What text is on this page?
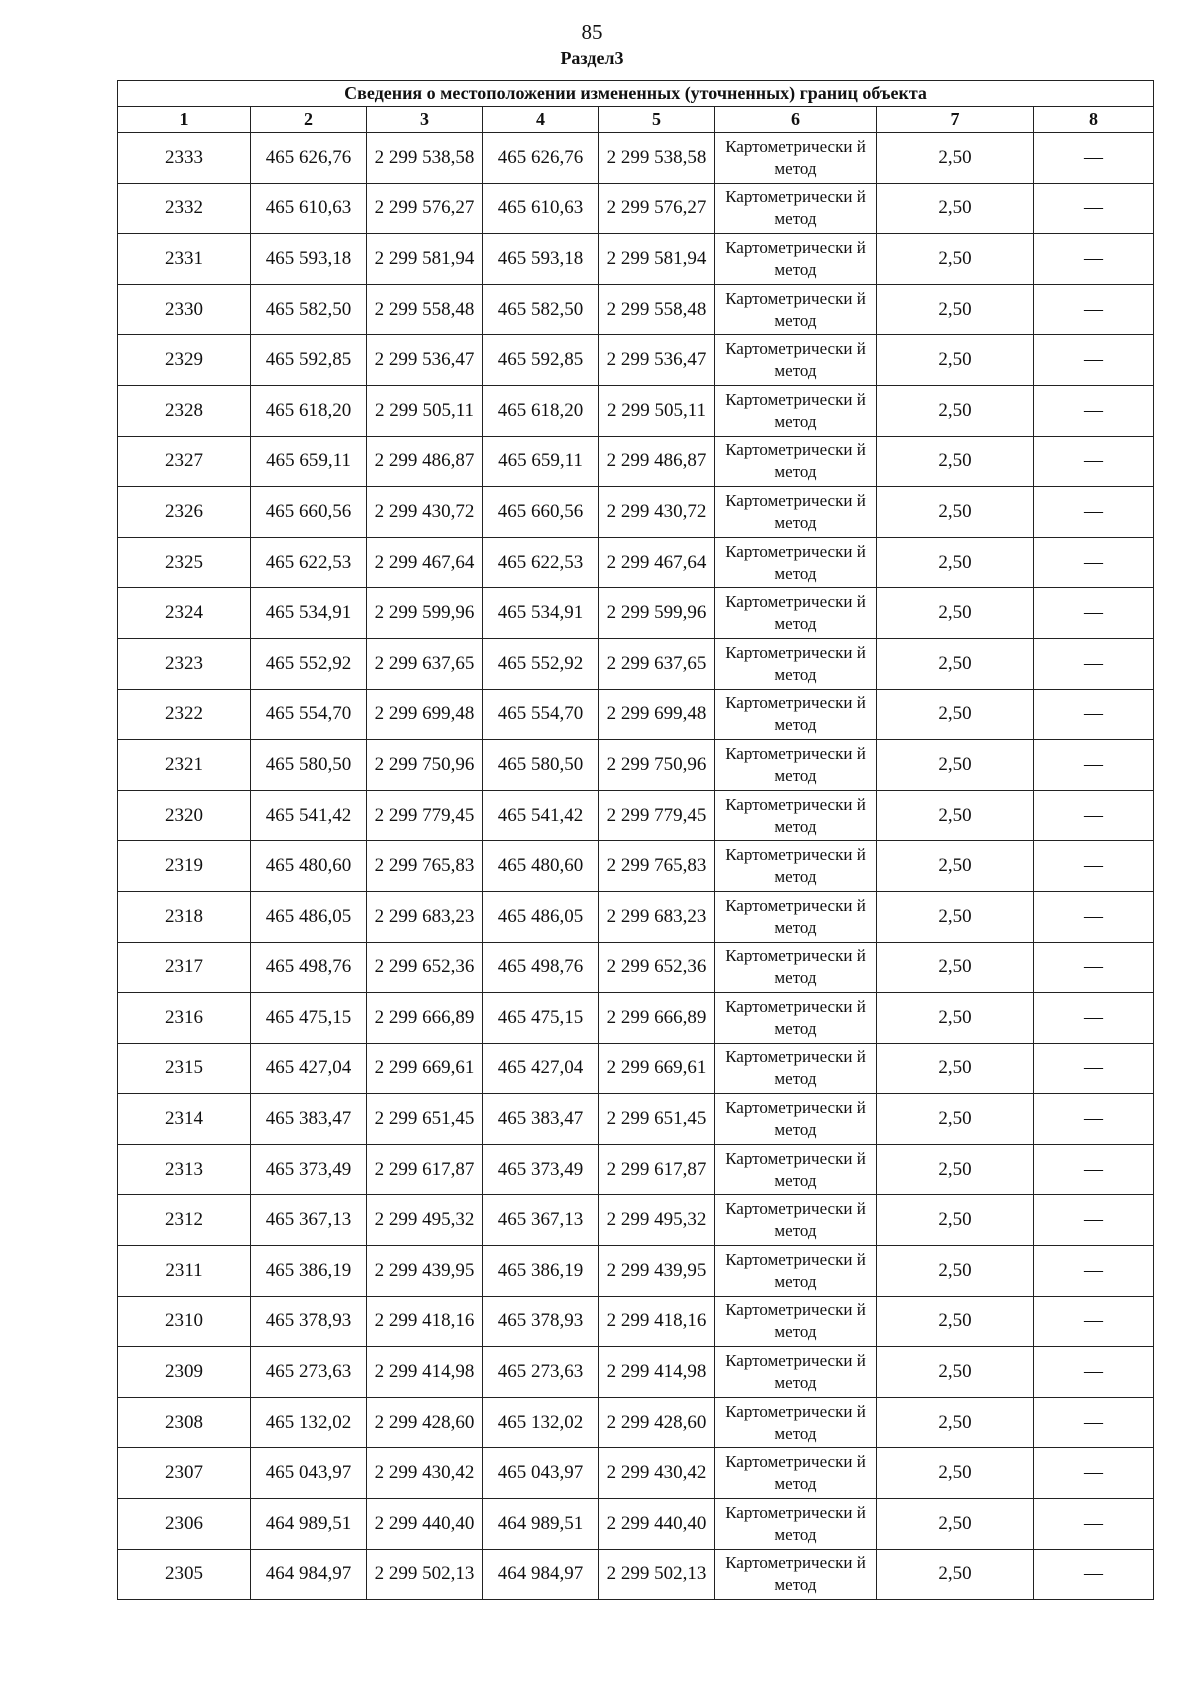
85
Раздел3
Сведения о местоположении измененных (уточненных) границ объекта							
1	2	3	4	5	6	7	8
2333	465 626,76	2 299 538,58	465 626,76	2 299 538,58	Картометрически й метод	2,50	—
2332	465 610,63	2 299 576,27	465 610,63	2 299 576,27	Картометрически й метод	2,50	—
2331	465 593,18	2 299 581,94	465 593,18	2 299 581,94	Картометрически й метод	2,50	—
2330	465 582,50	2 299 558,48	465 582,50	2 299 558,48	Картометрически й метод	2,50	—
2329	465 592,85	2 299 536,47	465 592,85	2 299 536,47	Картометрически й метод	2,50	—
2328	465 618,20	2 299 505,11	465 618,20	2 299 505,11	Картометрически й метод	2,50	—
2327	465 659,11	2 299 486,87	465 659,11	2 299 486,87	Картометрически й метод	2,50	—
2326	465 660,56	2 299 430,72	465 660,56	2 299 430,72	Картометрически й метод	2,50	—
2325	465 622,53	2 299 467,64	465 622,53	2 299 467,64	Картометрически й метод	2,50	—
2324	465 534,91	2 299 599,96	465 534,91	2 299 599,96	Картометрически й метод	2,50	—
2323	465 552,92	2 299 637,65	465 552,92	2 299 637,65	Картометрически й метод	2,50	—
2322	465 554,70	2 299 699,48	465 554,70	2 299 699,48	Картометрически й метод	2,50	—
2321	465 580,50	2 299 750,96	465 580,50	2 299 750,96	Картометрически й метод	2,50	—
2320	465 541,42	2 299 779,45	465 541,42	2 299 779,45	Картометрически й метод	2,50	—
2319	465 480,60	2 299 765,83	465 480,60	2 299 765,83	Картометрически й метод	2,50	—
2318	465 486,05	2 299 683,23	465 486,05	2 299 683,23	Картометрически й метод	2,50	—
2317	465 498,76	2 299 652,36	465 498,76	2 299 652,36	Картометрически й метод	2,50	—
2316	465 475,15	2 299 666,89	465 475,15	2 299 666,89	Картометрически й метод	2,50	—
2315	465 427,04	2 299 669,61	465 427,04	2 299 669,61	Картометрически й метод	2,50	—
2314	465 383,47	2 299 651,45	465 383,47	2 299 651,45	Картометрически й метод	2,50	—
2313	465 373,49	2 299 617,87	465 373,49	2 299 617,87	Картометрически й метод	2,50	—
2312	465 367,13	2 299 495,32	465 367,13	2 299 495,32	Картометрически й метод	2,50	—
2311	465 386,19	2 299 439,95	465 386,19	2 299 439,95	Картометрически й метод	2,50	—
2310	465 378,93	2 299 418,16	465 378,93	2 299 418,16	Картометрически й метод	2,50	—
2309	465 273,63	2 299 414,98	465 273,63	2 299 414,98	Картометрически й метод	2,50	—
2308	465 132,02	2 299 428,60	465 132,02	2 299 428,60	Картометрически й метод	2,50	—
2307	465 043,97	2 299 430,42	465 043,97	2 299 430,42	Картометрически й метод	2,50	—
2306	464 989,51	2 299 440,40	464 989,51	2 299 440,40	Картометрически й метод	2,50	—
2305	464 984,97	2 299 502,13	464 984,97	2 299 502,13	Картометрически й метод	2,50	—
